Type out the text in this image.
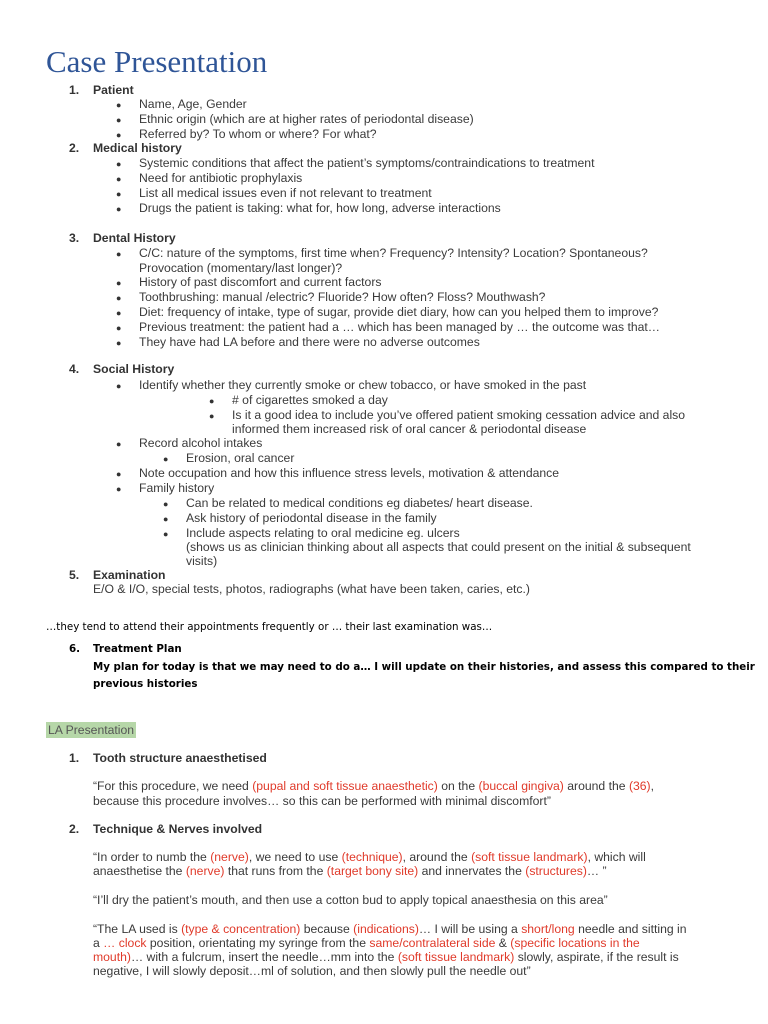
Case Presentation
1. Patient
● Name, Age, Gender
● Ethnic origin (which are at higher rates of periodontal disease)
● Referred by? To whom or where? For what?
2. Medical history
● Systemic conditions that affect the patient’s symptoms/contraindications to treatment
● Need for antibiotic prophylaxis
● List all medical issues even if not relevant to treatment
● Drugs the patient is taking: what for, how long, adverse interactions
3. Dental History
● C/C: nature of the symptoms, first time when? Frequency? Intensity? Location? Spontaneous?
Provocation (momentary/last longer)?
● History of past discomfort and current factors
● Toothbrushing: manual /electric? Fluoride? How often? Floss? Mouthwash?
● Diet: frequency of intake, type of sugar, provide diet diary, how can you helped them to improve?
● Previous treatment: the patient had a … which has been managed by … the outcome was that…
● They have had LA before and there were no adverse outcomes
4. Social History
● Identify whether they currently smoke or chew tobacco, or have smoked in the past
● # of cigarettes smoked a day
● Is it a good idea to include you’ve offered patient smoking cessation advice and also
informed them increased risk of oral cancer & periodontal disease
● Record alcohol intakes
● Erosion, oral cancer
● Note occupation and how this influence stress levels, motivation & attendance
● Family history
● Can be related to medical conditions eg diabetes/ heart disease.
● Ask history of periodontal disease in the family
● Include aspects relating to oral medicine eg. ulcers
(shows us as clinician thinking about all aspects that could present on the initial & subsequent
visits)
5. Examination
E/O & I/O, special tests, photos, radiographs (what have been taken, caries, etc.)
…they tend to attend their appointments frequently or … their last examination was…
6. Treatment Plan
My plan for today is that we may need to do a… I will update on their histories, and assess this compared to their
previous histories
LA Presentation
1. Tooth structure anaesthetised
“For this procedure, we need (pupal and soft tissue anaesthetic) on the (buccal gingiva) around the (36),
because this procedure involves… so this can be performed with minimal discomfort”
2. Technique & Nerves involved
“In order to numb the (nerve), we need to use (technique), around the (soft tissue landmark), which will
anaesthetise the (nerve) that runs from the (target bony site) and innervates the (structures)… ”
“I’ll dry the patient’s mouth, and then use a cotton bud to apply topical anaesthesia on this area”
“The LA used is (type & concentration) because (indications)… I will be using a short/long needle and sitting in
a … clock position, orientating my syringe from the same/contralateral side & (specific locations in the
mouth)… with a fulcrum, insert the needle…mm into the (soft tissue landmark) slowly, aspirate, if the result is
negative, I will slowly deposit…ml of solution, and then slowly pull the needle out”
